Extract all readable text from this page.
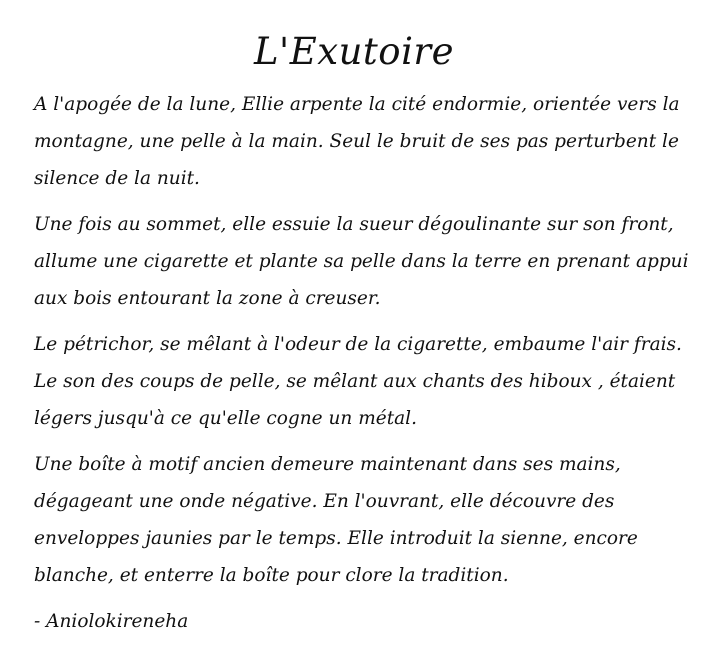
L'Exutoire

A l'apogée de la lune, Ellie arpente la cité endormie, orientée vers la
montagne, une pelle à la main. Seul le bruit de ses pas perturbent le
silence de la nuit.

Une fois au sommet, elle essuie la sueur dégoulinante sur son front,
allume une cigarette et plante sa pelle dans la terre en prenant appui
aux bois entourant la zone à creuser.

Le pétrichor, se mêlant à l'odeur de la cigarette, embaume l'air frais.
Le son des coups de pelle, se mêlant aux chants des hiboux , étaient
légers jusqu'à ce qu'elle cogne un métal.

Une boîte à motif ancien demeure maintenant dans ses mains,
dégageant une onde négative. En l'ouvrant, elle découvre des
enveloppes jaunies par le temps. Elle introduit la sienne, encore
blanche, et enterre la boîte pour clore la tradition.

- Aniolokireneha
